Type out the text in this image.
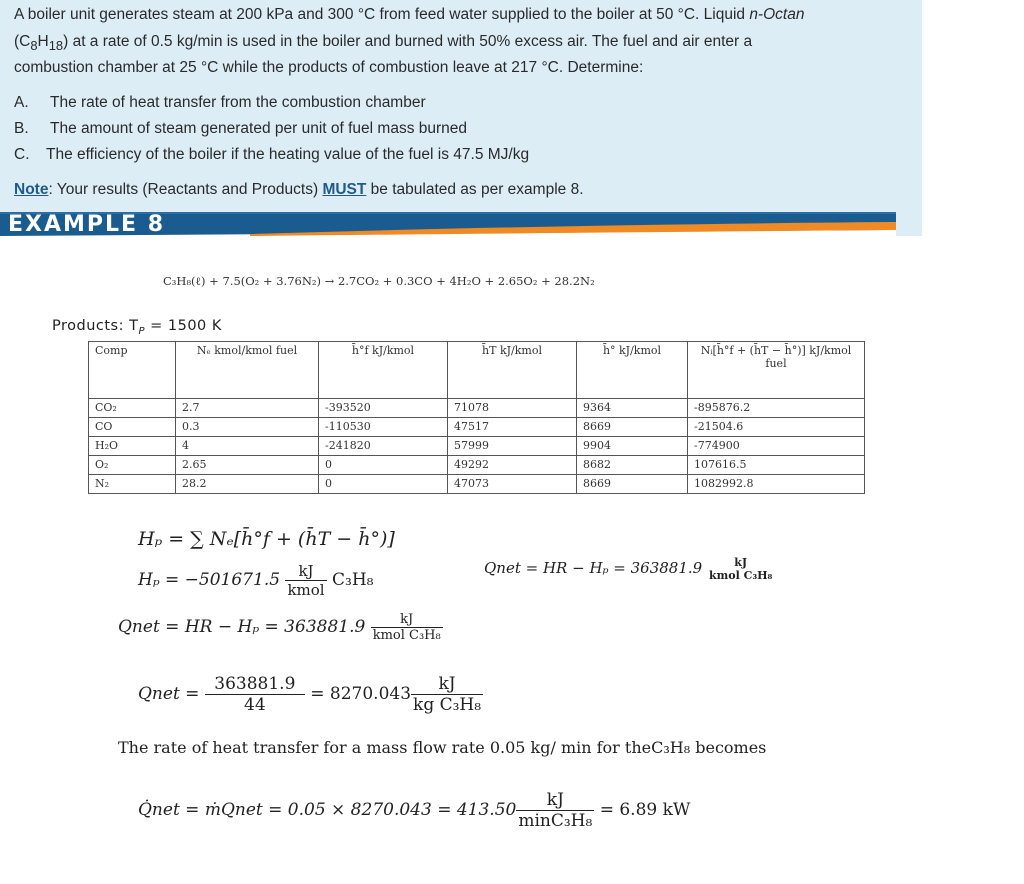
A boiler unit generates steam at 200 kPa and 300 °C from feed water supplied to the boiler at 50 °C. Liquid n-Octan
$(C_8H_{18})$ at a rate of 0.5 kg/min is used in the boiler and burned with 50% excess air. The fuel and air enter a
combustion chamber at 25 °C while the products of combustion leave at 217 °C. Determine:
A. The rate of heat transfer from the combustion chamber
B. The amount of steam generated per unit of fuel mass burned
C. The efficiency of the boiler if the heating value of the fuel is 47.5 MJ/kg
Note: Your results (Reactants and Products) MUST be tabulated as per example 8.
EXAMPLE 8
C₃H₈(ℓ) + 7.5(O₂ + 3.76N₂) → 2.7CO₂ + 0.3CO + 4H₂O + 2.65O₂ + 28.2N₂
Products: $T_P = 1500$ K
Comp	Nₑ kmol/kmol fuel	h̄°f kJ/kmol	h̄T kJ/kmol	h̄° kJ/kmol	Nᵢ[h̄°f + (h̄T − h̄°)] kJ/kmol fuel
CO₂	2.7	-393520	71078	9364	-895876.2
CO	0.3	-110530	47517	8669	-21504.6
H₂O	4	-241820	57999	9904	-774900
O₂	2.65	0	49292	8682	107616.5
N₂	28.2	0	47073	8669	1082992.8
Hₚ = ∑ Nₑ[h̄°f + (h̄T − h̄°)]
$H_p = -501671.5 \frac{kJ}{\text{kmol}} C_3H_8$
Qnet = HR − Hₚ = 363881.9	kJ
kmol C₃H₈
Qnet = HR − $H_p = 363881.9 \frac{kJ}{\text{kmol C₃H₈}}$
Qnet = $\frac{363881.9}{44} = 8270.043 \frac{kJ}{\text{kg C₃H₈}}$
The rate of heat transfer for a mass flow rate 0.05 kg/ min for theC₃H₈ becomes
Q̇net = ṁQnet = $0.05 \times 8270.043 = 413.50 \frac{kJ}{\text{minC₃H₈}} = 6.89$ kW
